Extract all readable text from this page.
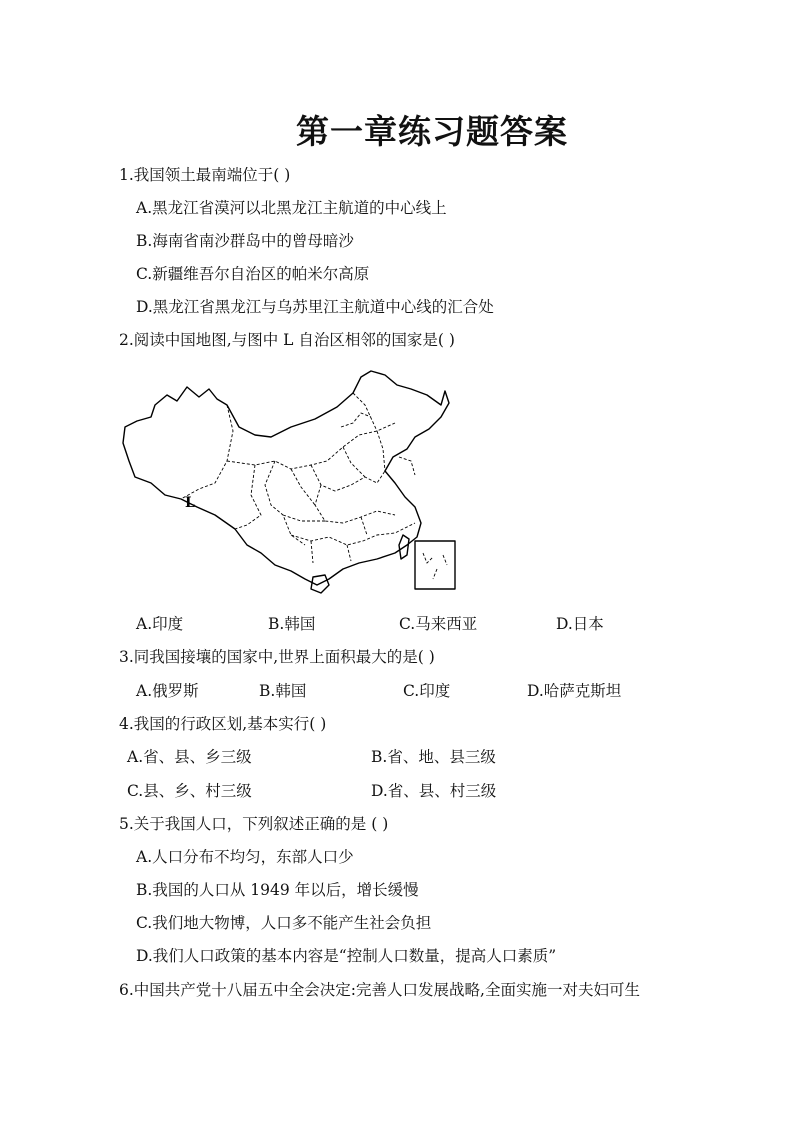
第一章练习题答案
1.我国领土最南端位于( )
A.黑龙江省漠河以北黑龙江主航道的中心线上
B.海南省南沙群岛中的曾母暗沙
C.新疆维吾尔自治区的帕米尔高原
D.黑龙江省黑龙江与乌苏里江主航道中心线的汇合处
2.阅读中国地图,与图中 L 自治区相邻的国家是( )
L
A.印度	B.韩国	C.马来西亚	D.日本
3.同我国接壤的国家中,世界上面积最大的是( )
A.俄罗斯	B.韩国	C.印度	D.哈萨克斯坦
4.我国的行政区划,基本实行( )
A.省、县、乡三级	B.省、地、县三级
C.县、乡、村三级	D.省、县、村三级
5.关于我国人口，下列叙述正确的是 ( )
A.人口分布不均匀，东部人口少
B.我国的人口从 1949 年以后，增长缓慢
C.我们地大物博，人口多不能产生社会负担
D.我们人口政策的基本内容是“控制人口数量，提高人口素质”
6.中国共产党十八届五中全会决定:完善人口发展战略,全面实施一对夫妇可生
